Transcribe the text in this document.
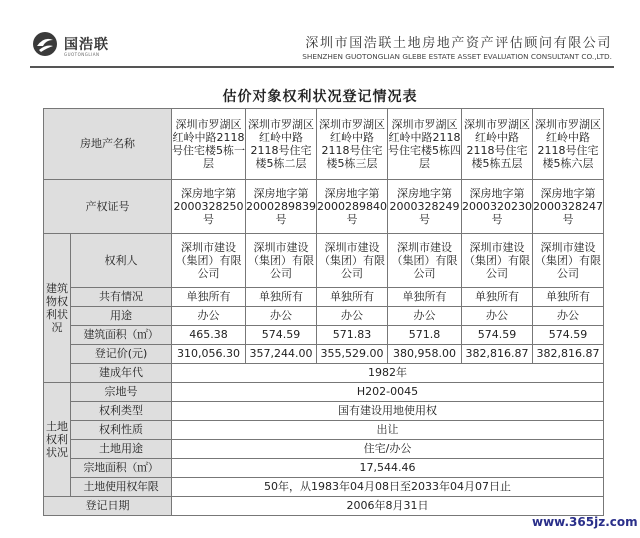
国浩联
GUOTONGLIAN
深圳市国浩联土地房地产资产评估顾问有限公司
SHENZHEN GUOTONGLIAN GLEBE ESTATE ASSET EVALUATION CONSULTANT CO.,LTD.
估价对象权利状况登记情况表
房地产名称		深圳市罗湖区红岭中路2118号住宅楼5栋一层	深圳市罗湖区红岭中路2118号住宅楼5栋二层	深圳市罗湖区红岭中路2118号住宅楼5栋三层	深圳市罗湖区红岭中路2118号住宅楼5栋四层	深圳市罗湖区红岭中路2118号住宅楼5栋五层	深圳市罗湖区红岭中路2118号住宅楼5栋六层
产权证号		深房地字第2000328250号	深房地字第2000289839号	深房地字第2000289840号	深房地字第2000328249号	深房地字第2000320230号	深房地字第2000328247号
建筑物权利状况	权利人	深圳市建设（集团）有限公司	深圳市建设（集团）有限公司	深圳市建设（集团）有限公司	深圳市建设（集团）有限公司	深圳市建设（集团）有限公司	深圳市建设（集团）有限公司
	共有情况	单独所有	单独所有	单独所有	单独所有	单独所有	单独所有
	用途	办公	办公	办公	办公	办公	办公
	建筑面积（㎡）	465.38	574.59	571.83	571.8	574.59	574.59
	登记价(元)	310,056.30	357,244.00	355,529.00	380,958.00	382,816.87	382,816.87
	建成年代	1982年					
土地权利状况	宗地号	H202-0045					
	权利类型	国有建设用地使用权					
	权利性质	出让					
	土地用途	住宅/办公					
	宗地面积（㎡）	17,544.46					
	土地使用权年限	50年，从1983年04月08日至2033年04月07日止					
登记日期		2006年8月31日					
www.365jz.com
